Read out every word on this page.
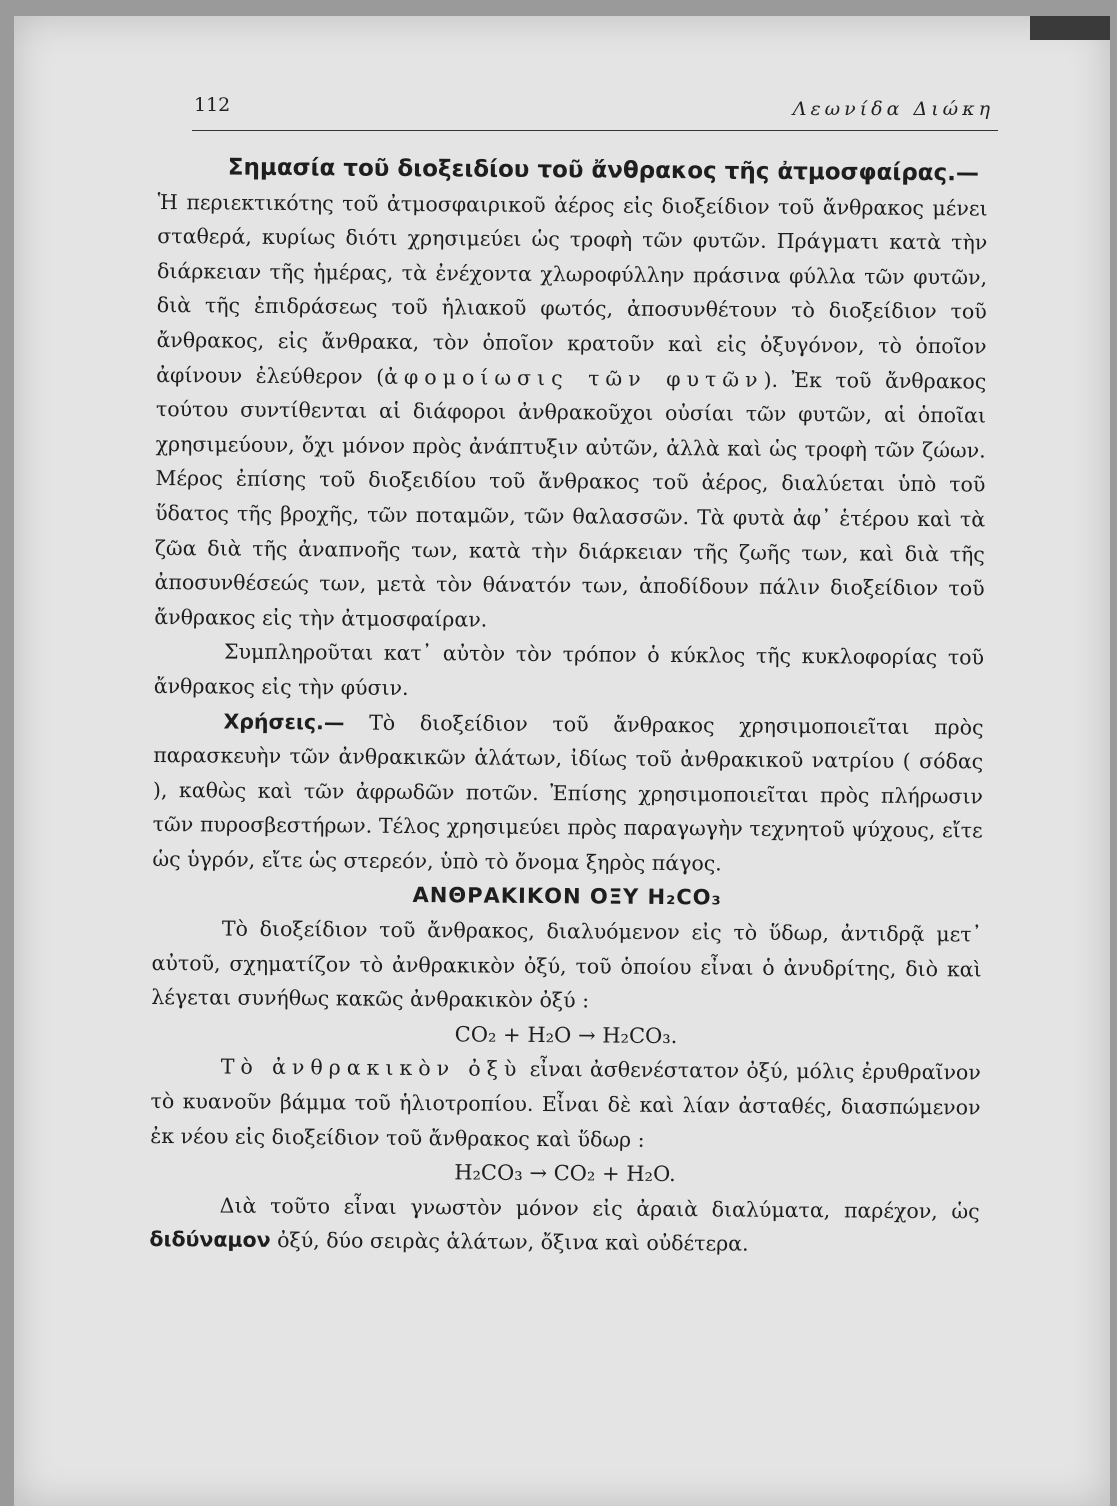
112	Λεωνίδα Διώκη

Σημασία τοῦ διοξειδίου τοῦ ἄνθρακος τῆς ἀτμοσφαίρας.—

Ἡ περιεκτικότης τοῦ ἀτμοσφαιρικοῦ ἀέρος εἰς διοξείδιον τοῦ ἄνθρακος μένει σταθερά, κυρίως διότι χρησιμεύει ὡς τροφὴ τῶν φυτῶν. Πράγματι κατὰ τὴν διάρκειαν τῆς ἡμέρας, τὰ ἐνέχοντα χλωροφύλλην πράσινα φύλλα τῶν φυτῶν, διὰ τῆς ἐπιδράσεως τοῦ ἡλιακοῦ φωτός, ἀποσυνθέτουν τὸ διοξείδιον τοῦ ἄνθρακος, εἰς ἄνθρακα, τὸν ὁποῖον κρατοῦν καὶ εἰς ὀξυγόνον, τὸ ὁποῖον ἀφίνουν ἐλεύθερον (ἀφομοίωσις τῶν φυτῶν). Ἐκ τοῦ ἄνθρακος τούτου συντίθενται αἱ διάφοροι ἀνθρακοῦχοι οὐσίαι τῶν φυτῶν, αἱ ὁποῖαι χρησιμεύουν, ὄχι μόνον πρὸς ἀνάπτυξιν αὐτῶν, ἀλλὰ καὶ ὡς τροφὴ τῶν ζώων. Μέρος ἐπίσης τοῦ διοξειδίου τοῦ ἄνθρακος τοῦ ἀέρος, διαλύεται ὑπὸ τοῦ ὕδατος τῆς βροχῆς, τῶν ποταμῶν, τῶν θαλασσῶν. Τὰ φυτὰ ἀφ᾽ ἑτέρου καὶ τὰ ζῶα διὰ τῆς ἀναπνοῆς των, κατὰ τὴν διάρκειαν τῆς ζωῆς των, καὶ διὰ τῆς ἀποσυνθέσεώς των, μετὰ τὸν θάνατόν των, ἀποδίδουν πάλιν διοξείδιον τοῦ ἄνθρακος εἰς τὴν ἀτμοσφαίραν.

Συμπληροῦται κατ᾽ αὐτὸν τὸν τρόπον ὁ κύκλος τῆς κυκλοφορίας τοῦ ἄνθρακος εἰς τὴν φύσιν.

Χρήσεις.— Τὸ διοξείδιον τοῦ ἄνθρακος χρησιμοποιεῖται πρὸς παρασκευὴν τῶν ἀνθρακικῶν ἁλάτων, ἰδίως τοῦ ἀνθρακικοῦ νατρίου ( σόδας ), καθὼς καὶ τῶν ἀφρωδῶν ποτῶν. Ἐπίσης χρησιμοποιεῖται πρὸς πλήρωσιν τῶν πυροσβεστήρων. Τέλος χρησιμεύει πρὸς παραγωγὴν τεχνητοῦ ψύχους, εἴτε ὡς ὑγρόν, εἴτε ὡς στερεόν, ὑπὸ τὸ ὄνομα ξηρὸς πάγος.

ΑΝΘΡΑΚΙΚΟΝ ΟΞΥ H₂CO₃

Τὸ διοξείδιον τοῦ ἄνθρακος, διαλυόμενον εἰς τὸ ὕδωρ, ἀντιδρᾷ μετ᾽ αὐτοῦ, σχηματίζον τὸ ἀνθρακικὸν ὀξύ, τοῦ ὁποίου εἶναι ὁ ἀνυδρίτης, διὸ καὶ λέγεται συνήθως κακῶς ἀνθρακικὸν ὀξύ :

CO₂ + H₂O → H₂CO₃.

Τὸ ἀνθρακικὸν ὀξὺ εἶναι ἀσθενέστατον ὀξύ, μόλις ἐρυθραῖνον τὸ κυανοῦν βάμμα τοῦ ἡλιοτροπίου. Εἶναι δὲ καὶ λίαν ἀσταθές, διασπώμενον ἐκ νέου εἰς διοξείδιον τοῦ ἄνθρακος καὶ ὕδωρ :

H₂CO₃ → CO₂ + H₂O.

Διὰ τοῦτο εἶναι γνωστὸν μόνον εἰς ἀραιὰ διαλύματα, παρέχον, ὡς διδύναμον ὀξύ, δύο σειρὰς ἁλάτων, ὄξινα καὶ οὐδέτερα.
